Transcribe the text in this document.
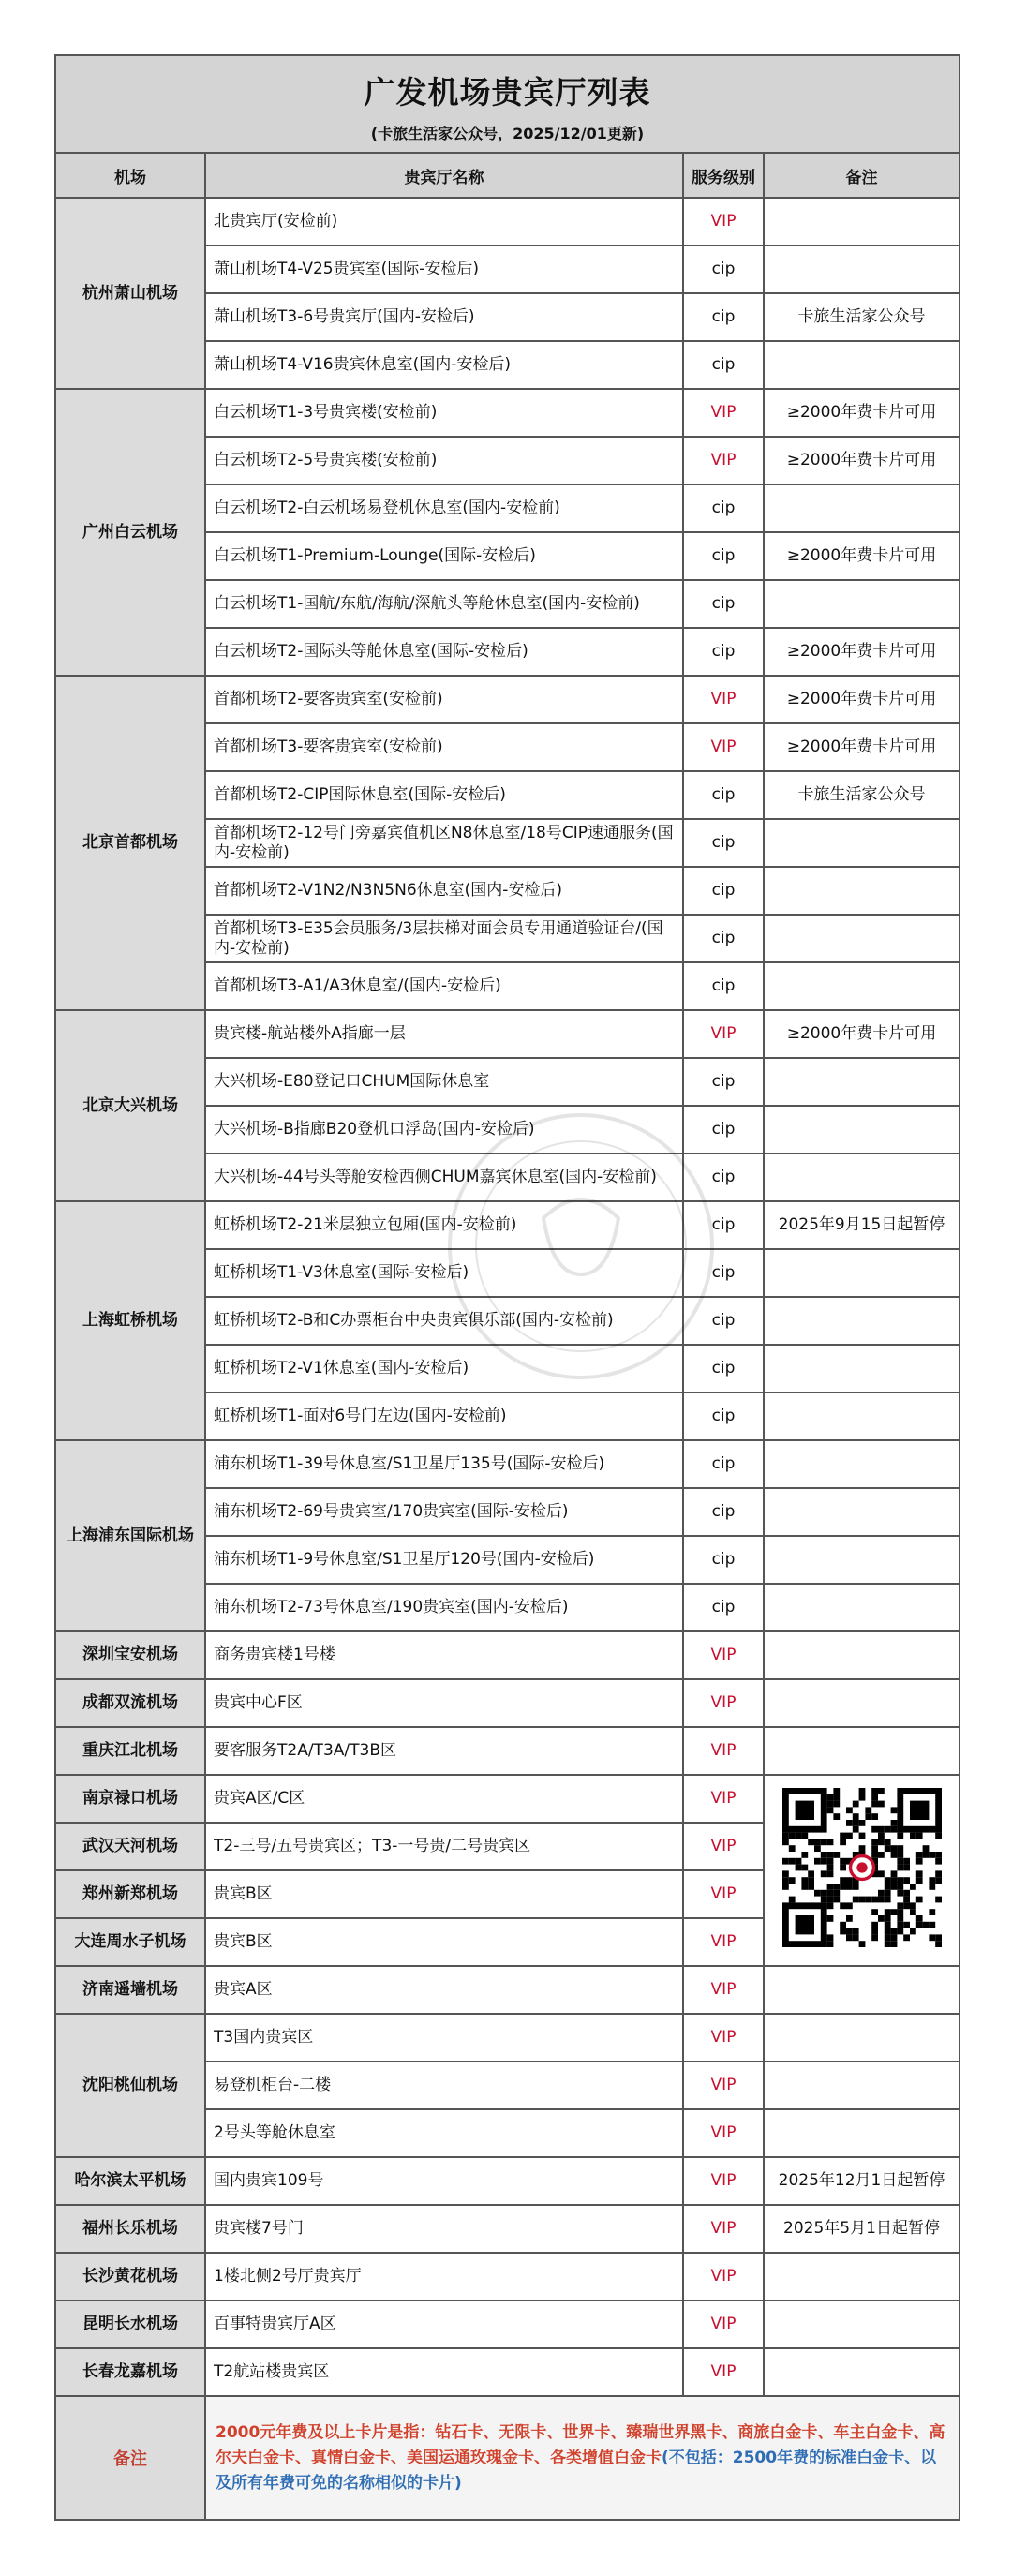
广发机场贵宾厅列表
(卡旅生活家公众号，2025/12/01更新)			

机场	贵宾厅名称	服务级别	备注
杭州萧山机场	北贵宾厅(安检前)	VIP	
	萧山机场T4-V25贵宾室(国际-安检后)	cip	
	萧山机场T3-6号贵宾厅(国内-安检后)	cip	卡旅生活家公众号
	萧山机场T4-V16贵宾休息室(国内-安检后)	cip	
广州白云机场	白云机场T1-3号贵宾楼(安检前)	VIP	≥2000年费卡片可用
	白云机场T2-5号贵宾楼(安检前)	VIP	≥2000年费卡片可用
	白云机场T2-白云机场易登机休息室(国内-安检前)	cip	
	白云机场T1-Premium-Lounge(国际-安检后)	cip	≥2000年费卡片可用
	白云机场T1-国航/东航/海航/深航头等舱休息室(国内-安检前)	cip	
	白云机场T2-国际头等舱休息室(国际-安检后)	cip	≥2000年费卡片可用
北京首都机场	首都机场T2-要客贵宾室(安检前)	VIP	≥2000年费卡片可用
	首都机场T3-要客贵宾室(安检前)	VIP	≥2000年费卡片可用
	首都机场T2-CIP国际休息室(国际-安检后)	cip	卡旅生活家公众号
	首都机场T2-12号门旁嘉宾值机区N8休息室/18号CIP速通服务(国内-安检前)	cip	
	首都机场T2-V1N2/N3N5N6休息室(国内-安检后)	cip	
	首都机场T3-E35会员服务/3层扶梯对面会员专用通道验证台/(国内-安检前)	cip	
	首都机场T3-A1/A3休息室/(国内-安检后)	cip	
北京大兴机场	贵宾楼-航站楼外A指廊一层	VIP	≥2000年费卡片可用
	大兴机场-E80登记口CHUM国际休息室	cip	
	大兴机场-B指廊B20登机口浮岛(国内-安检后)	cip	
	大兴机场-44号头等舱安检西侧CHUM嘉宾休息室(国内-安检前)	cip	
上海虹桥机场	虹桥机场T2-21米层独立包厢(国内-安检前)	cip	2025年9月15日起暂停
	虹桥机场T1-V3休息室(国际-安检后)	cip	
	虹桥机场T2-B和C办票柜台中央贵宾俱乐部(国内-安检前)	cip	
	虹桥机场T2-V1休息室(国内-安检后)	cip	
	虹桥机场T1-面对6号门左边(国内-安检前)	cip	
上海浦东国际机场	浦东机场T1-39号休息室/S1卫星厅135号(国际-安检后)	cip	
	浦东机场T2-69号贵宾室/170贵宾室(国际-安检后)	cip	
	浦东机场T1-9号休息室/S1卫星厅120号(国内-安检后)	cip	
	浦东机场T2-73号休息室/190贵宾室(国内-安检后)	cip	
深圳宝安机场	商务贵宾楼1号楼	VIP	
成都双流机场	贵宾中心F区	VIP	
重庆江北机场	要客服务T2A/T3A/T3B区	VIP	
南京禄口机场	贵宾A区/C区	VIP	
武汉天河机场	T2-三号/五号贵宾区；T3-一号贵/二号贵宾区	VIP	
郑州新郑机场	贵宾B区	VIP	
大连周水子机场	贵宾B区	VIP	
济南遥墙机场	贵宾A区	VIP	
沈阳桃仙机场	T3国内贵宾区	VIP	
	易登机柜台-二楼	VIP	
	2号头等舱休息室	VIP	
哈尔滨太平机场	国内贵宾109号	VIP	2025年12月1日起暂停
福州长乐机场	贵宾楼7号门	VIP	2025年5月1日起暂停
长沙黄花机场	1楼北侧2号厅贵宾厅	VIP	
昆明长水机场	百事特贵宾厅A区	VIP	
长春龙嘉机场	T2航站楼贵宾区	VIP	
备注	2000元年费及以上卡片是指：钻石卡、无限卡、世界卡、臻瑞世界黑卡、商旅白金卡、车主白金卡、高尔夫白金卡、真情白金卡、美国运通玫瑰金卡、各类增值白金卡(不包括：2500年费的标准白金卡、以及所有年费可免的名称相似的卡片)		
